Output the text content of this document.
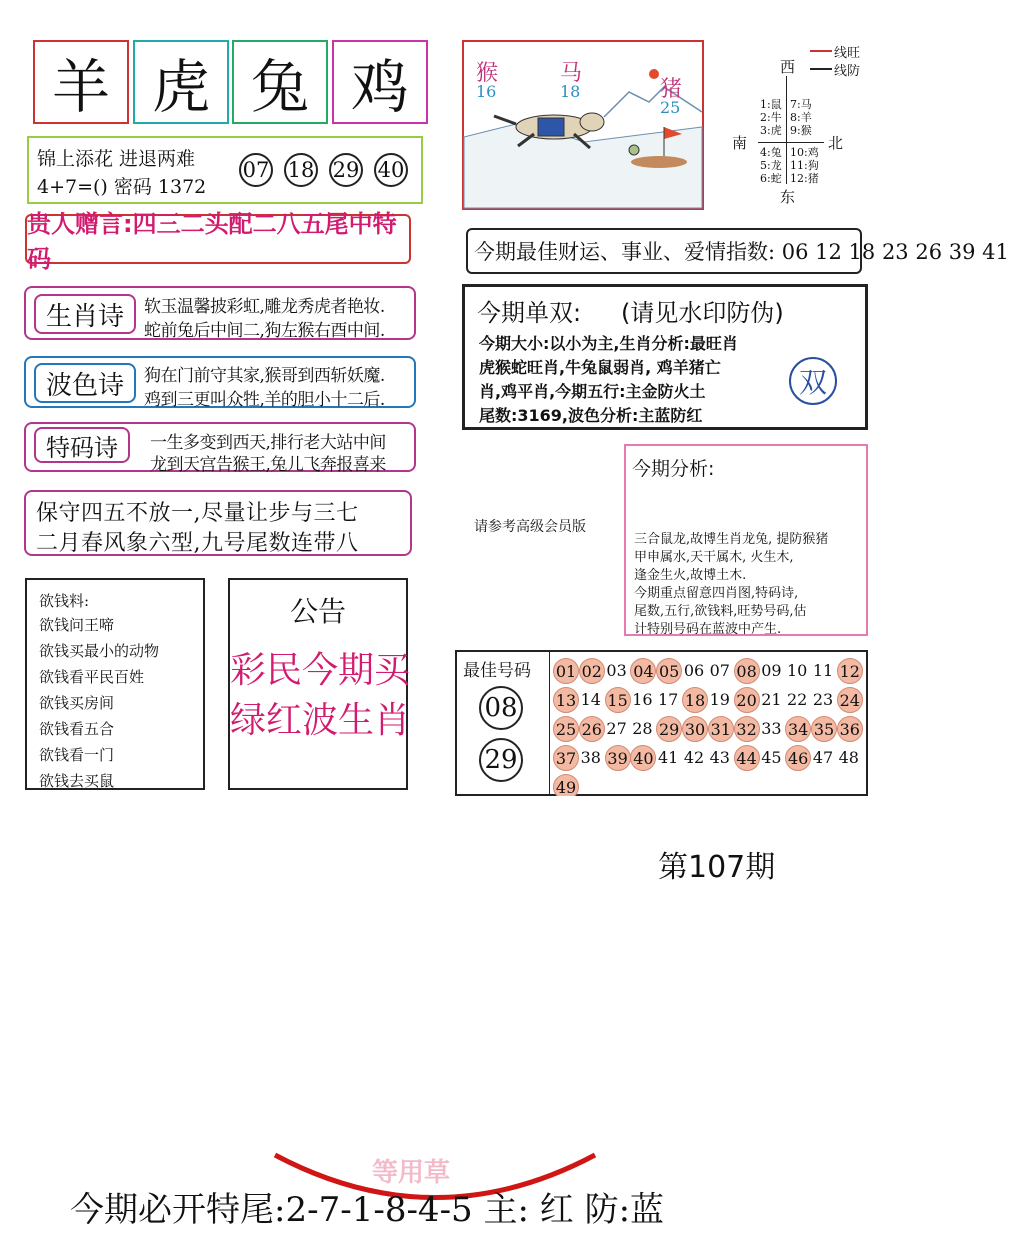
羊 虎 兔 鸡
锦上添花 进退两难
4+7=() 密码 1372
07 18 29 40
贵人赠言:四三二头配二八五尾中特码
生肖诗	软玉温馨披彩虹,雕龙秀虎者艳妆.
蛇前兔后中间二,狗左猴右酉中间.
波色诗	狗在门前守其家,猴哥到西斩妖魔.
鸡到三更叫众牲,羊的胆小十二后.
特码诗	一生多变到西天,排行老大站中间
龙到天宫告猴王,兔儿飞奔报喜来
保守四五不放一,尽量让步与三七
二月春风象六型,九号尾数连带八
欲钱料:
欲钱问王啼
欲钱买最小的动物
欲钱看平民百姓
欲钱买房间
欲钱看五合
欲钱看一门
欲钱去买鼠
公告
彩民今期买
绿红波生肖
猴
16
马
18	猪
25
线旺
线防
西
南	北
东
1:鼠
2:牛
3:虎
7:马
8:羊
9:猴
4:兔
5:龙
6:蛇
10:鸡
11:狗
12:猪
今期最佳财运、事业、爱情指数: 06 12 18 23 26 39 41
今期单双: (请见水印防伪)
今期大小:以小为主,生肖分析:最旺肖
虎猴蛇旺肖,牛兔鼠弱肖, 鸡羊猪亡
肖,鸡平肖,今期五行:主金防火土
尾数:3169,波色分析:主蓝防红
双
请参考高级会员版
今期分析:
三合鼠龙,故博生肖龙兔, 提防猴猪
甲申属水,天干属木, 火生木,
逢金生火,故博土木.
今期重点留意四肖图,特码诗,
尾数,五行,欲钱料,旺势号码,估
计特别号码在蓝波中产生.
最佳号码
08
29
01 02 03 04 05 06 07 08 09 10 11 12
13 14 15 16 17 18 19 20 21 22 23 24
25 26 27 28 29 30 31 32 33 34 35 36
37 38 39 40 41 42 43 44 45 46 47 48
49
第107期
等用草
今期必开特尾:2-7-1-8-4-5 主: 红 防:蓝
